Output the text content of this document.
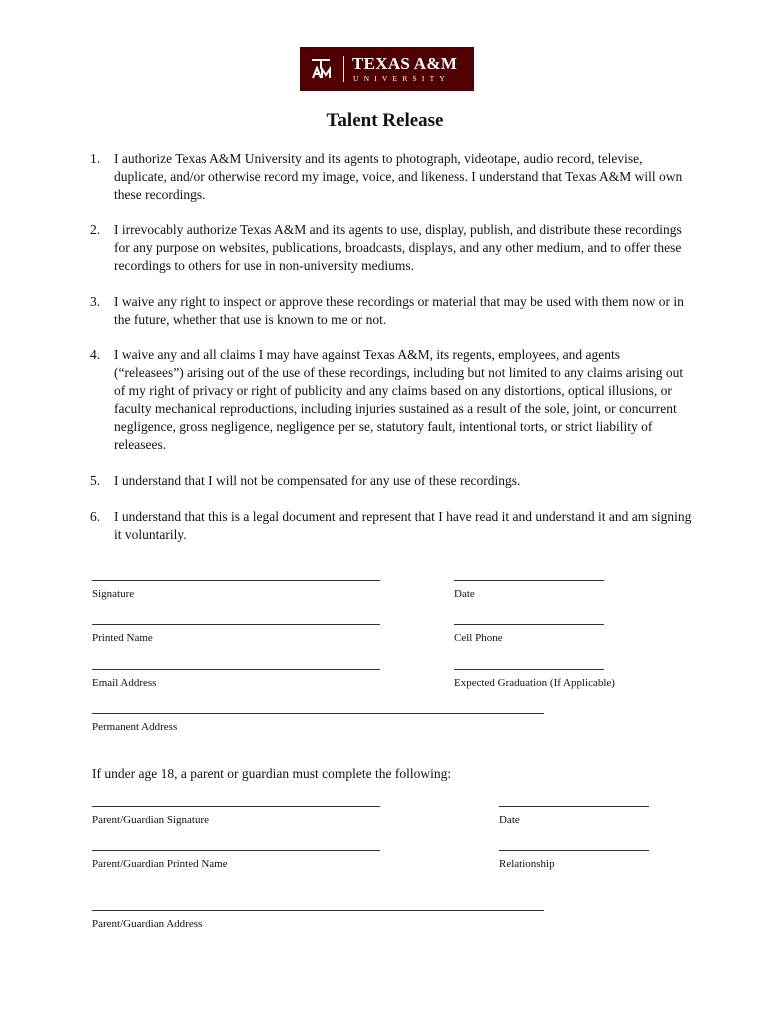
TEXAS A&M
UNIVERSITY
Talent Release
1. I authorize Texas A&M University and its agents to photograph, videotape, audio record, televise, duplicate, and/or otherwise record my image, voice, and likeness. I understand that Texas A&M will own these recordings.
2. I irrevocably authorize Texas A&M and its agents to use, display, publish, and distribute these recordings for any purpose on websites, publications, broadcasts, displays, and any other medium, and to offer these recordings to others for use in non-university mediums.
3. I waive any right to inspect or approve these recordings or material that may be used with them now or in the future, whether that use is known to me or not.
4. I waive any and all claims I may have against Texas A&M, its regents, employees, and agents (“releasees”) arising out of the use of these recordings, including but not limited to any claims arising out of my right of privacy or right of publicity and any claims based on any distortions, optical illusions, or faculty mechanical reproductions, including injuries sustained as a result of the sole, joint, or concurrent negligence, gross negligence, negligence per se, statutory fault, intentional torts, or strict liability of releasees.
5. I understand that I will not be compensated for any use of these recordings.
6. I understand that this is a legal document and represent that I have read it and understand it and am signing it voluntarily.
Signature	Date
Printed Name	Cell Phone
Email Address	Expected Graduation (If Applicable)
Permanent Address
If under age 18, a parent or guardian must complete the following:
Parent/Guardian Signature	Date
Parent/Guardian Printed Name	Relationship
Parent/Guardian Address
